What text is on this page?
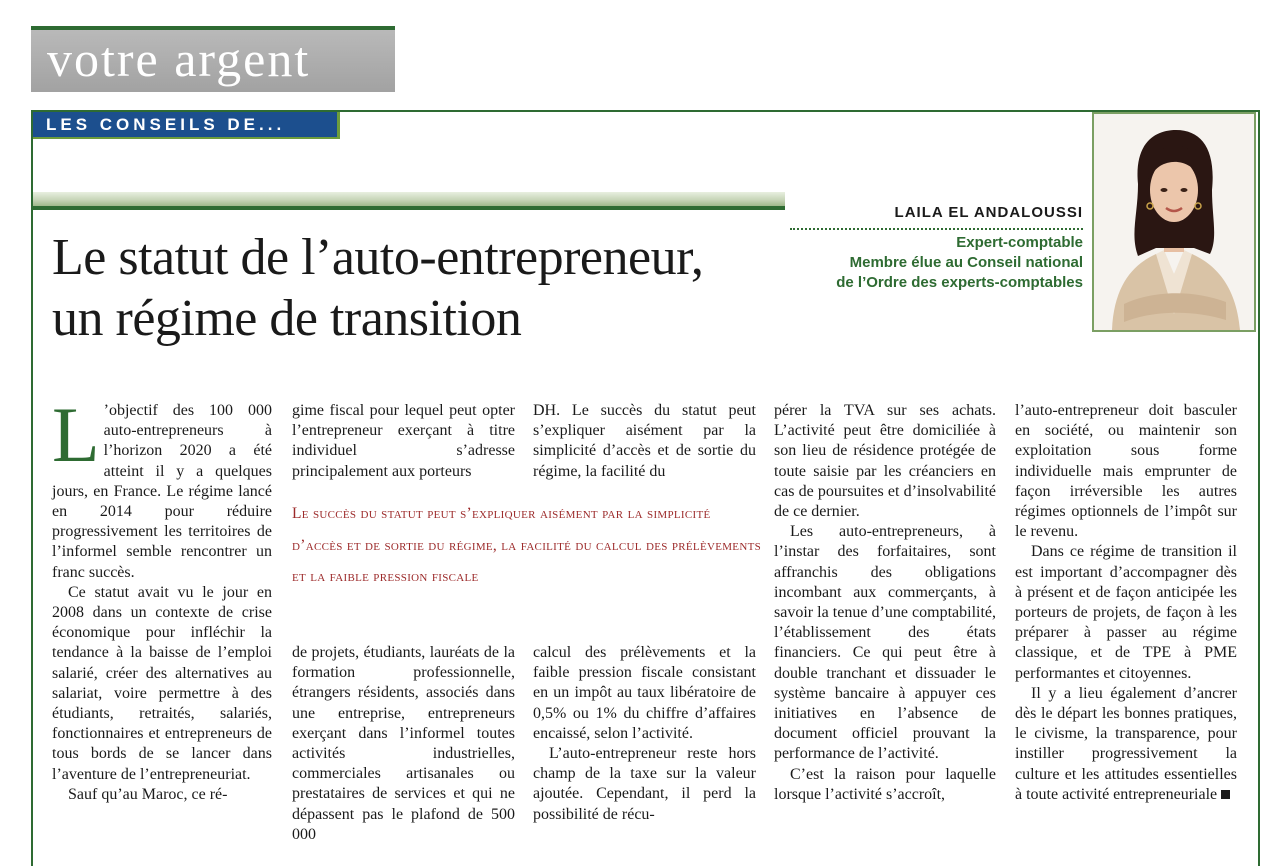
votre argent
LES CONSEILS DE...
LAILA EL ANDALOUSSI
Expert-comptable
Membre élue au Conseil national
de l’Ordre des experts-comptables
Le statut de l’auto-entrepreneur,
un régime de transition
L ’objectif des 100 000 auto-entrepreneurs à l’horizon 2020 a été atteint il y a quelques jours, en France. Le régime lancé en 2014 pour réduire progressivement les territoires de l’informel semble rencontrer un franc succès.

Ce statut avait vu le jour en 2008 dans un contexte de crise économique pour infléchir la tendance à la baisse de l’emploi salarié, créer des alternatives au salariat, voire permettre à des étudiants, retraités, salariés, fonctionnaires et entrepreneurs de tous bords de se lancer dans l’aventure de l’entrepreneuriat.

Sauf qu’au Maroc, ce ré-

gime fiscal pour lequel peut opter l’entrepreneur exerçant à titre individuel s’adresse principalement aux porteurs

DH. Le succès du statut peut s’expliquer aisément par la simplicité d’accès et de sortie du régime, la facilité du

Le succès du statut peut s’expliquer aisément par la simplicité d’accès et de sortie du régime, la facilité du calcul des prélèvements et la faible pression fiscale

de projets, étudiants, lauréats de la formation professionnelle, étrangers résidents, associés dans une entreprise, entrepreneurs exerçant dans l’informel toutes activités industrielles, commerciales artisanales ou prestataires de services et qui ne dépassent pas le plafond de 500 000

calcul des prélèvements et la faible pression fiscale consistant en un impôt au taux libératoire de 0,5% ou 1% du chiffre d’affaires encaissé, selon l’activité.

L’auto-entrepreneur reste hors champ de la taxe sur la valeur ajoutée. Cependant, il perd la possibilité de récu-

pérer la TVA sur ses achats. L’activité peut être domiciliée à son lieu de résidence protégée de toute saisie par les créanciers en cas de poursuites et d’insolvabilité de ce dernier.

Les auto-entrepreneurs, à l’instar des forfaitaires, sont affranchis des obligations incombant aux commerçants, à savoir la tenue d’une comptabilité, l’établissement des états financiers. Ce qui peut être à double tranchant et dissuader le système bancaire à appuyer ces initiatives en l’absence de document officiel prouvant la performance de l’activité.

C’est la raison pour laquelle lorsque l’activité s’accroît,

l’auto-entrepreneur doit basculer en société, ou maintenir son exploitation sous forme individuelle mais emprunter de façon irréversible les autres régimes optionnels de l’impôt sur le revenu.

Dans ce régime de transition il est important d’accompagner dès à présent et de façon anticipée les porteurs de projets, de façon à les préparer à passer au régime classique, et de TPE à PME performantes et citoyennes.

Il y a lieu également d’ancrer dès le départ les bonnes pratiques, le civisme, la transparence, pour instiller progressivement la culture et les attitudes essentielles à toute activité entrepreneuriale
